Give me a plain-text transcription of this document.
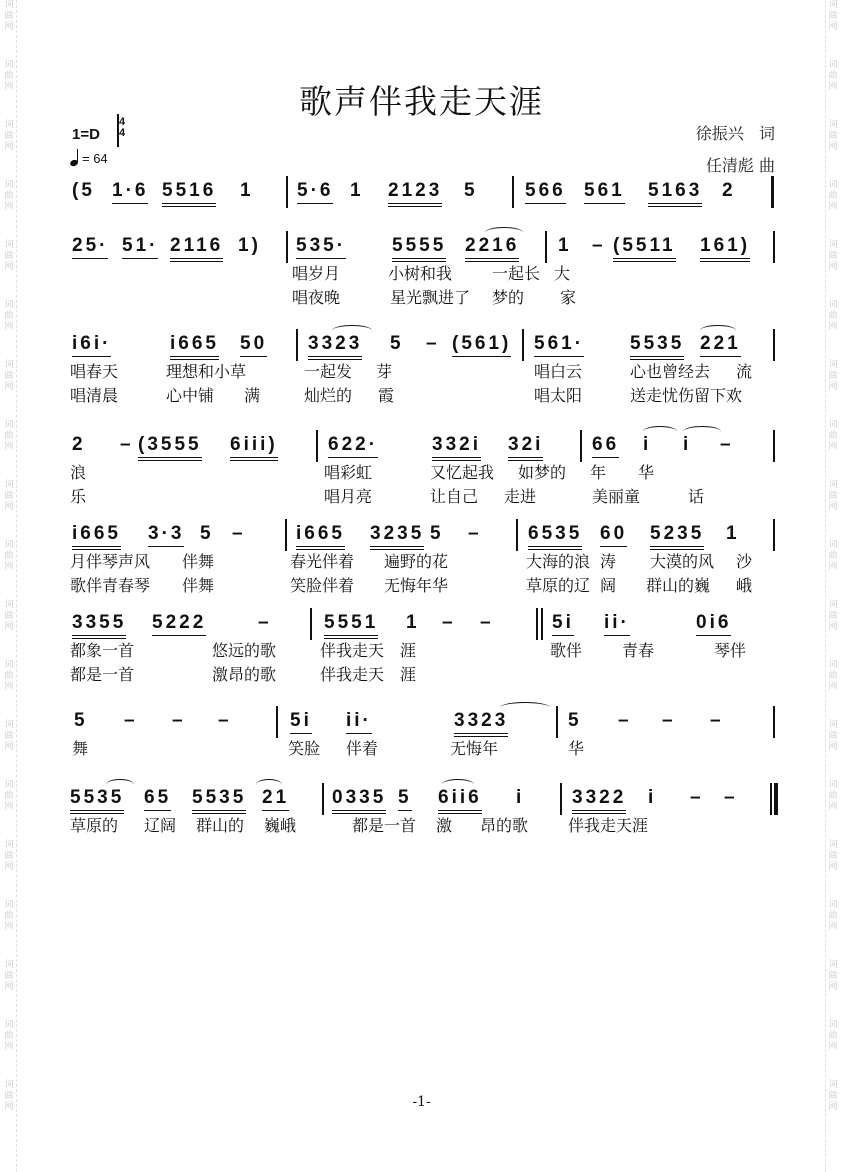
词
曲
网
词
曲
网
词
曲
网
词
曲
网
词
曲
网
词
曲
网
词
曲
网
词
曲
网
词
曲
网
词
曲
网
词
曲
网
词
曲
网
词
曲
网
词
曲
网
词
曲
网
词
曲
网
词
曲
网
词
曲
网
词
曲
网
词
曲
网
词
曲
网
词
曲
网
词
曲
网
词
曲
网
词
曲
网
词
曲
网
词
曲
网
词
曲
网
词
曲
网
词
曲
网
词
曲
网
词
曲
网
词
曲
网
词
曲
网
词
曲
网
词
曲
网
词
曲
网
词
曲
网
歌声伴我走天涯
1=D
4
4
= 64
徐振兴   词
任清彪 曲
(5 1·6 5516 1 5·6 1 2123 5 566 561 5163 2
25· 51· 2116 1) 535· 5555 2216 1 – (5511 161)
唱岁月	小树和我 一起长 大
唱夜晚	星光飘进了 梦的 家
i6i·	i665 50 3323 5 – (561) 561· 5535 221
唱春天	理想和小草	一起发 芽	唱白云	心也曾经去 流
唱清晨	心中铺 满	灿烂的 霞	唱太阳	送走忧伤留下欢
2 – (3555 6iii)	622·	332i 32i	66 i i –
浪	唱彩虹	又忆起我 如梦的 年 华
乐	唱月亮	让自己 走进	美丽童	话
i665 3·3 5 –	i665 3235 5 – 6535 60 5235 1
月伴琴声风 伴舞	春光伴着 遍野的花	大海的浪 涛 大漠的风 沙
歌伴青春琴 伴舞	笑脸伴着 无悔年华	草原的辽 阔 群山的巍 峨
3355 5222	–	5551 1 – –	5i ii·	0i6
都象一首	悠远的歌	伴我走天 涯	歌伴 青春	琴伴
都是一首	激昂的歌	伴我走天 涯
5 – – –	5i ii·	3323	5 – – –
舞	笑脸 伴着	无悔年	华
5535 65 5535 21 0335 5 6ii6 i	3322 i – –
草原的 辽阔 群山的 巍峨	都是一首 激 昂的歌 伴我走天涯
-1-
